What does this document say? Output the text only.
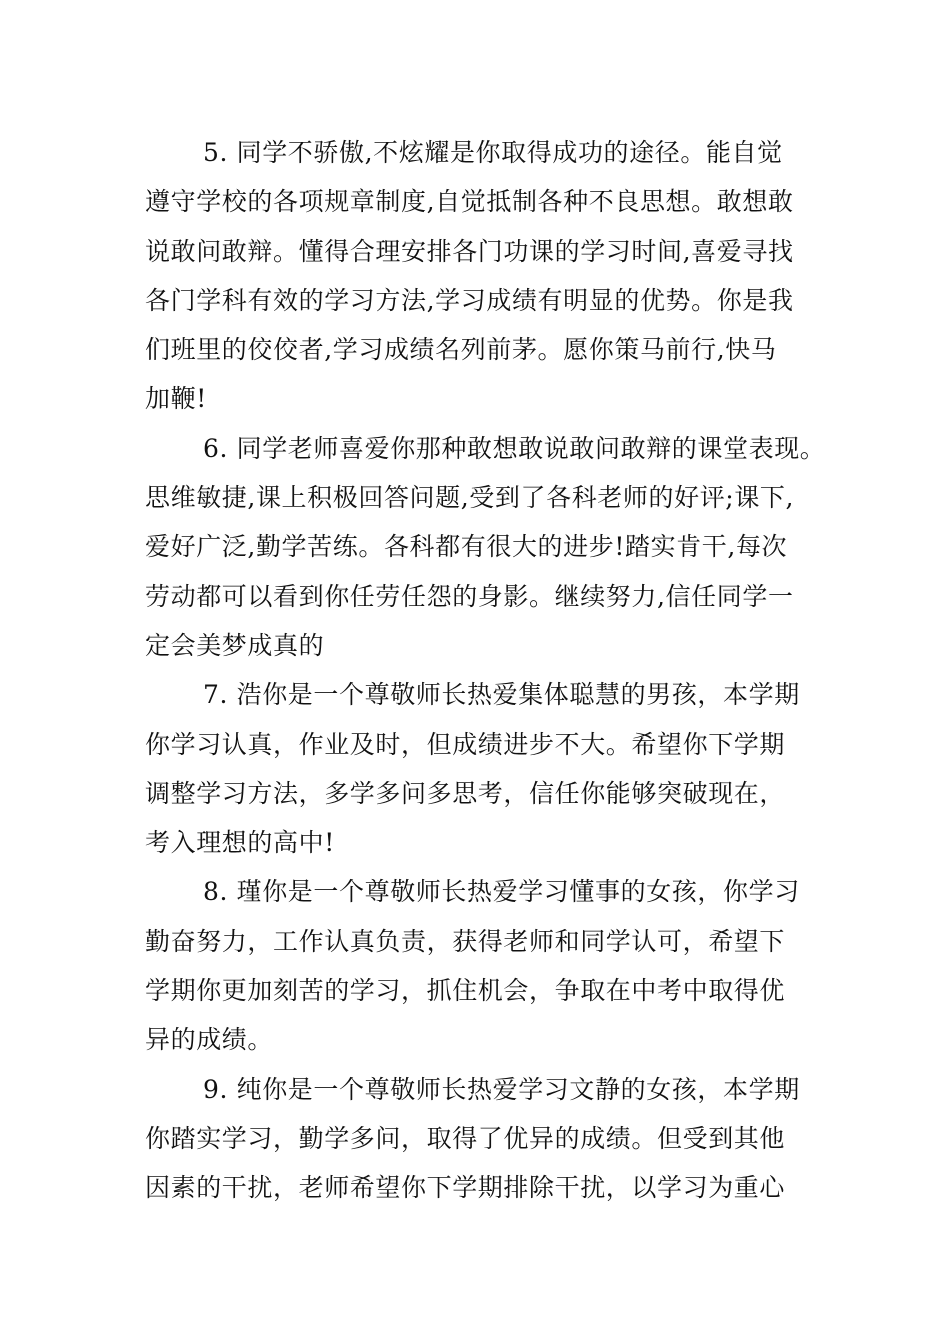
5. 同学不骄傲,不炫耀是你取得成功的途径。能自觉
遵守学校的各项规章制度,自觉抵制各种不良思想。敢想敢
说敢问敢辩。懂得合理安排各门功课的学习时间,喜爱寻找
各门学科有效的学习方法,学习成绩有明显的优势。你是我
们班里的佼佼者,学习成绩名列前茅。愿你策马前行,快马
加鞭!
6. 同学老师喜爱你那种敢想敢说敢问敢辩的课堂表现。
思维敏捷,课上积极回答问题,受到了各科老师的好评;课下,
爱好广泛,勤学苦练。各科都有很大的进步!踏实肯干,每次
劳动都可以看到你任劳任怨的身影。继续努力,信任同学一
定会美梦成真的
7. 浩你是一个尊敬师长热爱集体聪慧的男孩，本学期
你学习认真，作业及时，但成绩进步不大。希望你下学期
调整学习方法，多学多问多思考，信任你能够突破现在，
考入理想的高中!
8. 瑾你是一个尊敬师长热爱学习懂事的女孩，你学习
勤奋努力，工作认真负责，获得老师和同学认可，希望下
学期你更加刻苦的学习，抓住机会，争取在中考中取得优
异的成绩。
9. 纯你是一个尊敬师长热爱学习文静的女孩，本学期
你踏实学习，勤学多问，取得了优异的成绩。但受到其他
因素的干扰，老师希望你下学期排除干扰，以学习为重心
